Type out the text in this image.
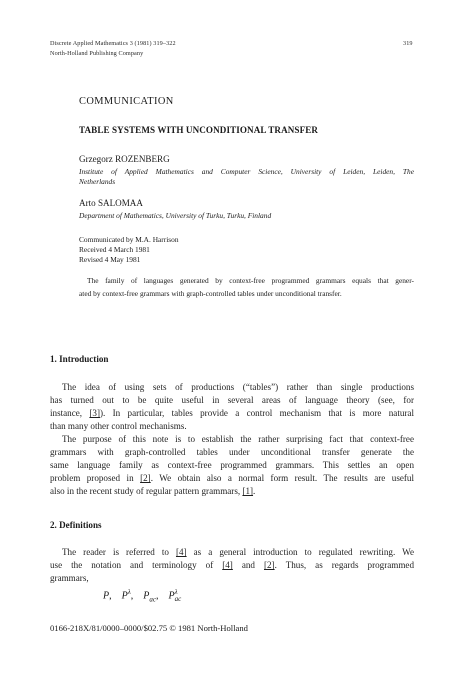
Discrete Applied Mathematics 3 (1981) 319–322
North-Holland Publishing Company
319
COMMUNICATION
TABLE SYSTEMS WITH UNCONDITIONAL TRANSFER
Grzegorz ROZENBERG
Institute of Applied Mathematics and Computer Science, University of Leiden, Leiden, The
Netherlands
Arto SALOMAA
Department of Mathematics, University of Turku, Turku, Finland
Communicated by M.A. Harrison
Received 4 March 1981
Revised 4 May 1981
The family of languages generated by context-free programmed grammars equals that gener-
ated by context-free grammars with graph-controlled tables under unconditional transfer.
1. Introduction
The idea of using sets of productions (“tables”) rather than single productions
has turned out to be quite useful in several areas of language theory (see, for
instance, [3]). In particular, tables provide a control mechanism that is more natural
than many other control mechanisms.
The purpose of this note is to establish the rather surprising fact that context-free
grammars with graph-controlled tables under unconditional transfer generate the
same language family as context-free programmed grammars. This settles an open
problem proposed in [2]. We obtain also a normal form result. The results are useful
also in the recent study of regular pattern grammars, [1].
2. Definitions
The reader is referred to [4] as a general introduction to regulated rewriting. We
use the notation and terminology of [4] and [2]. Thus, as regards programmed
grammars,
P,    $P^\lambda$,    $P_{ac}$,    P λ
ac
0166-218X/81/0000–0000/$02.75 © 1981 North-Holland
